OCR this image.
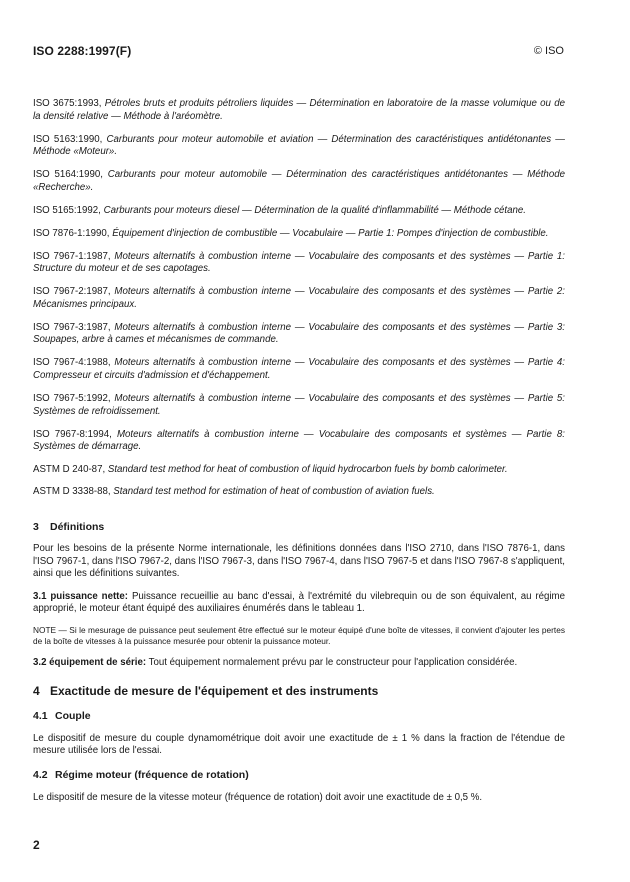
ISO 2288:1997(F)	© ISO
ISO 3675:1993, Pétroles bruts et produits pétroliers liquides — Détermination en laboratoire de la masse volumique ou de la densité relative — Méthode à l'aréomètre.
ISO 5163:1990, Carburants pour moteur automobile et aviation — Détermination des caractéristiques antidétonantes — Méthode «Moteur».
ISO 5164:1990, Carburants pour moteur automobile — Détermination des caractéristiques antidétonantes — Méthode «Recherche».
ISO 5165:1992, Carburants pour moteurs diesel — Détermination de la qualité d'inflammabilité — Méthode cétane.
ISO 7876-1:1990, Équipement d'injection de combustible — Vocabulaire — Partie 1: Pompes d'injection de combustible.
ISO 7967-1:1987, Moteurs alternatifs à combustion interne — Vocabulaire des composants et des systèmes — Partie 1: Structure du moteur et de ses capotages.
ISO 7967-2:1987, Moteurs alternatifs à combustion interne — Vocabulaire des composants et des systèmes — Partie 2: Mécanismes principaux.
ISO 7967-3:1987, Moteurs alternatifs à combustion interne — Vocabulaire des composants et des systèmes — Partie 3: Soupapes, arbre à cames et mécanismes de commande.
ISO 7967-4:1988, Moteurs alternatifs à combustion interne — Vocabulaire des composants et des systèmes — Partie 4: Compresseur et circuits d'admission et d'échappement.
ISO 7967-5:1992, Moteurs alternatifs à combustion interne — Vocabulaire des composants et des systèmes — Partie 5: Systèmes de refroidissement.
ISO 7967-8:1994, Moteurs alternatifs à combustion interne — Vocabulaire des composants et systèmes — Partie 8: Systèmes de démarrage.
ASTM D 240-87, Standard test method for heat of combustion of liquid hydrocarbon fuels by bomb calorimeter.
ASTM D 3338-88, Standard test method for estimation of heat of combustion of aviation fuels.
3 Définitions

Pour les besoins de la présente Norme internationale, les définitions données dans l'ISO 2710, dans l'ISO 7876-1, dans l'ISO 7967-1, dans l'ISO 7967-2, dans l'ISO 7967-3, dans l'ISO 7967-4, dans l'ISO 7967-5 et dans l'ISO 7967-8 s'appliquent, ainsi que les définitions suivantes.

3.1 puissance nette: Puissance recueillie au banc d'essai, à l'extrémité du vilebrequin ou de son équivalent, au régime approprié, le moteur étant équipé des auxiliaires énumérés dans le tableau 1.

NOTE — Si le mesurage de puissance peut seulement être effectué sur le moteur équipé d'une boîte de vitesses, il convient d'ajouter les pertes de la boîte de vitesses à la puissance mesurée pour obtenir la puissance moteur.

3.2 équipement de série: Tout équipement normalement prévu par le constructeur pour l'application considérée.

4 Exactitude de mesure de l'équipement et des instruments
4.1 Couple

Le dispositif de mesure du couple dynamométrique doit avoir une exactitude de ± 1 % dans la fraction de l'étendue de mesure utilisée lors de l'essai.

4.2 Régime moteur (fréquence de rotation)

Le dispositif de mesure de la vitesse moteur (fréquence de rotation) doit avoir une exactitude de ± 0,5 %.

2
